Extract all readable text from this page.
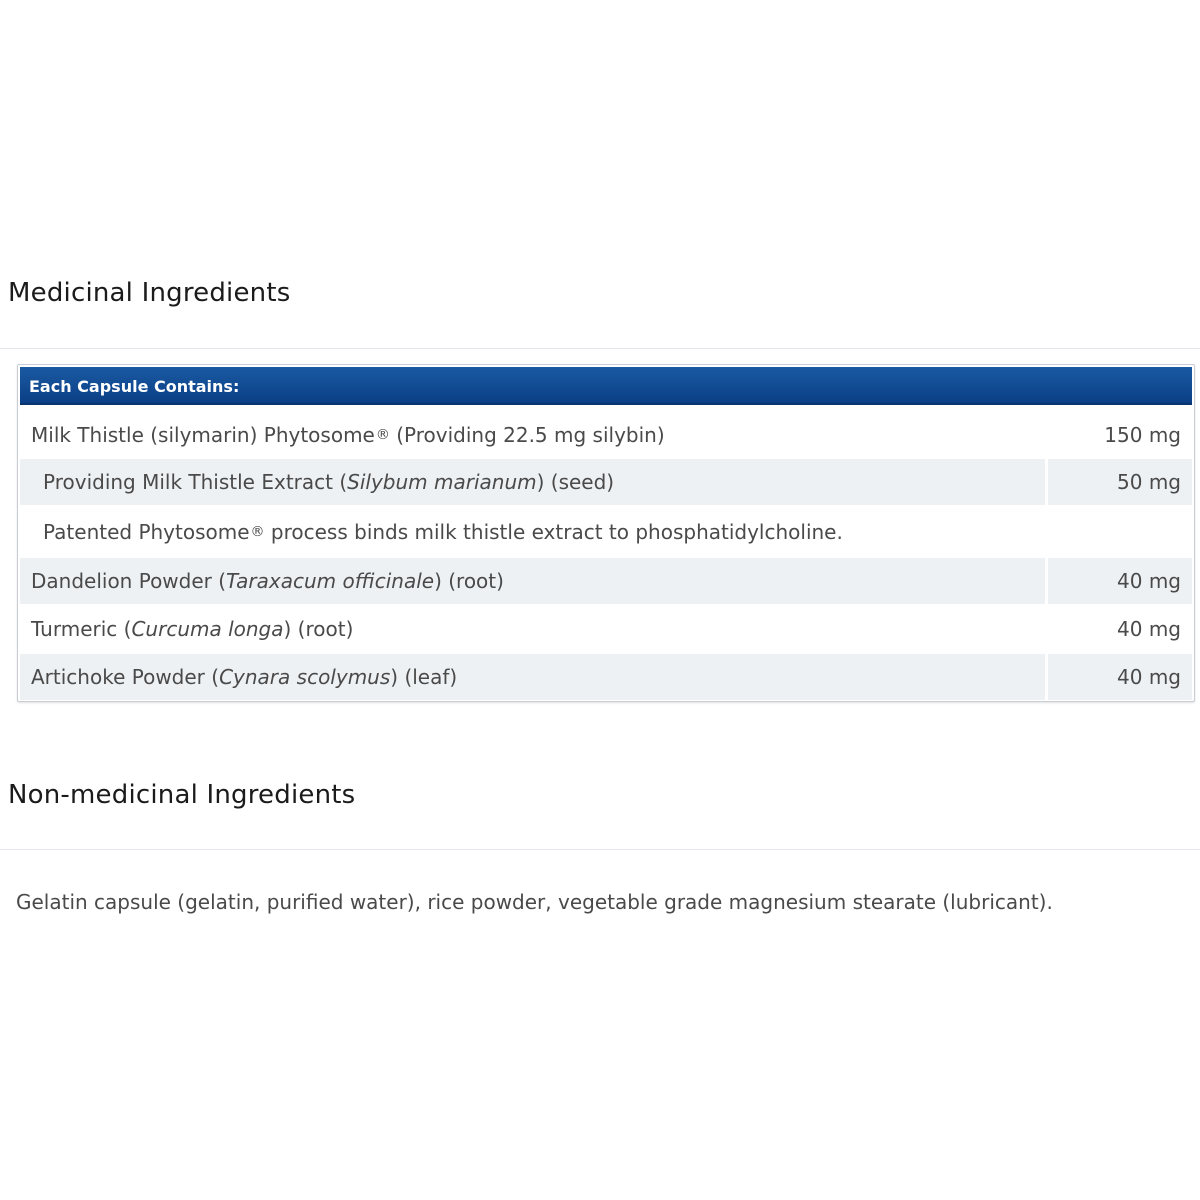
Medicinal Ingredients
Each Capsule Contains:
Milk Thistle (silymarin) Phytosome ® (Providing 22.5 mg silybin)	150 mg
Providing Milk Thistle Extract ( Silybum marianum ) (seed)	50 mg
Patented Phytosome ® process binds milk thistle extract to phosphatidylcholine.
Dandelion Powder ( Taraxacum officinale ) (root)	40 mg
Turmeric ( Curcuma longa ) (root)	40 mg
Artichoke Powder ( Cynara scolymus ) (leaf)	40 mg
Non-medicinal Ingredients
Gelatin capsule (gelatin, purified water), rice powder, vegetable grade magnesium stearate (lubricant).
